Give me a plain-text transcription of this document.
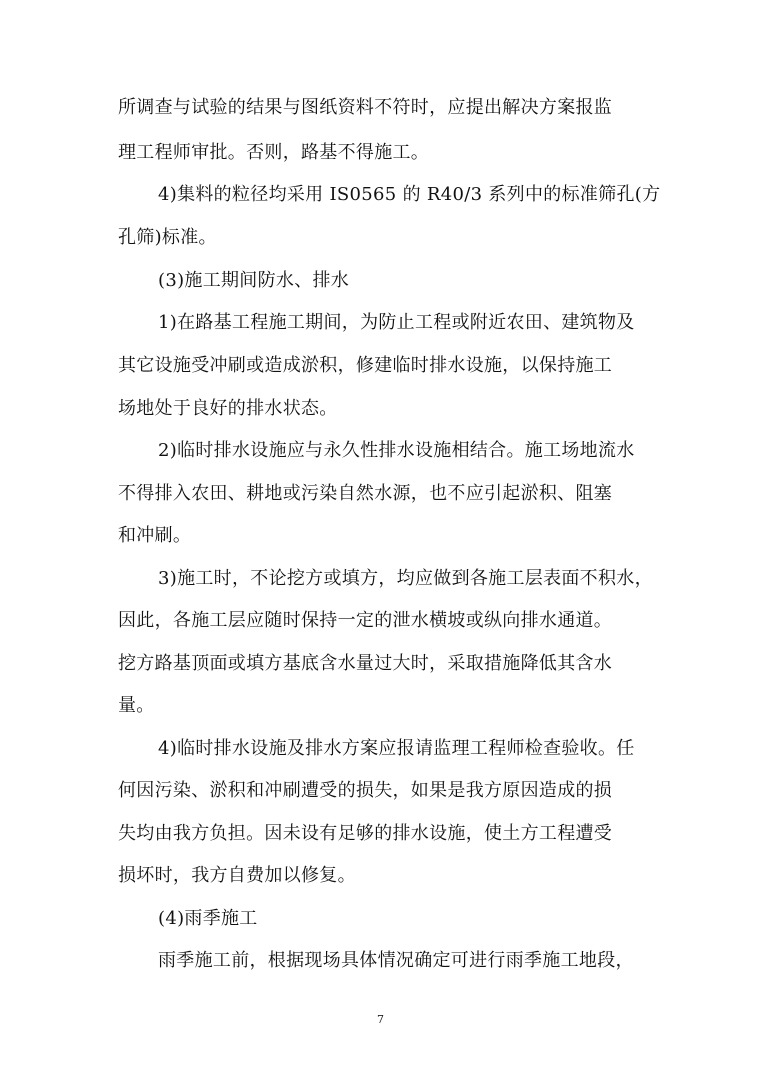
所调查与试验的结果与图纸资料不符时，应提出解决方案报监
理工程师审批。否则，路基不得施工。
4)集料的粒径均采用 IS0565 的 R40/3 系列中的标准筛孔(方
孔筛)标准。
(3)施工期间防水、排水
1)在路基工程施工期间，为防止工程或附近农田、建筑物及
其它设施受冲刷或造成淤积，修建临时排水设施，以保持施工
场地处于良好的排水状态。
2)临时排水设施应与永久性排水设施相结合。施工场地流水
不得排入农田、耕地或污染自然水源，也不应引起淤积、阻塞
和冲刷。
3)施工时，不论挖方或填方，均应做到各施工层表面不积水，
因此，各施工层应随时保持一定的泄水横坡或纵向排水通道。
挖方路基顶面或填方基底含水量过大时，采取措施降低其含水
量。
4)临时排水设施及排水方案应报请监理工程师检查验收。任
何因污染、淤积和冲刷遭受的损失，如果是我方原因造成的损
失均由我方负担。因未设有足够的排水设施，使土方工程遭受
损坏时，我方自费加以修复。
(4)雨季施工
雨季施工前，根据现场具体情况确定可进行雨季施工地段，
7
